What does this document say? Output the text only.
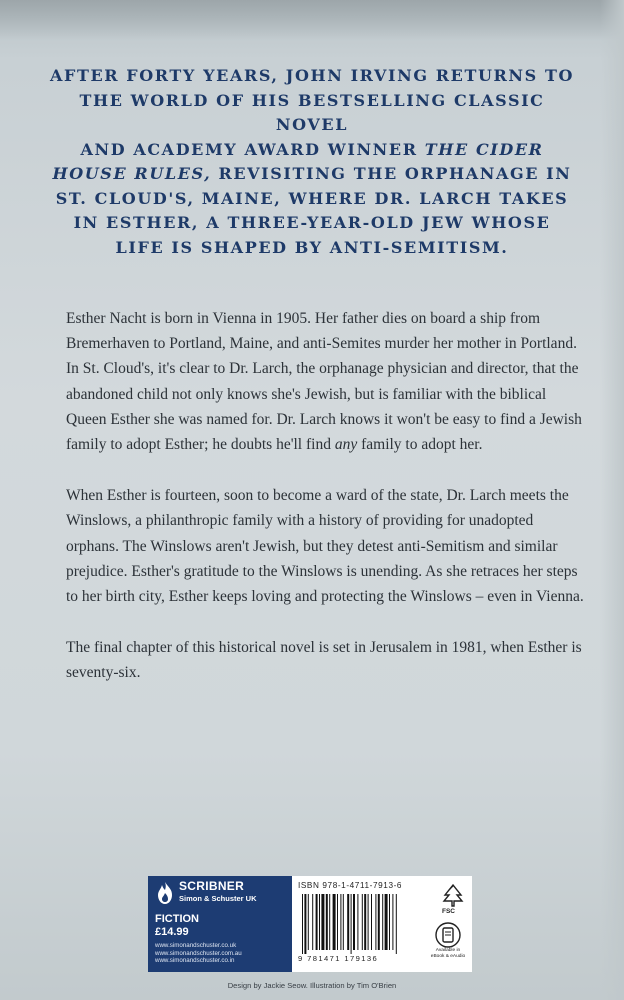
AFTER FORTY YEARS, JOHN IRVING RETURNS TO
THE WORLD OF HIS BESTSELLING CLASSIC NOVEL
AND ACADEMY AWARD WINNER THE CIDER
HOUSE RULES, REVISITING THE ORPHANAGE IN
ST. CLOUD'S, MAINE, WHERE DR. LARCH TAKES
IN ESTHER, A THREE-YEAR-OLD JEW WHOSE
LIFE IS SHAPED BY ANTI-SEMITISM.

Esther Nacht is born in Vienna in 1905. Her father dies on board a ship from Bremerhaven to Portland, Maine, and anti-Semites murder her mother in Portland. In St. Cloud's, it's clear to Dr. Larch, the orphanage physician and director, that the abandoned child not only knows she's Jewish, but is familiar with the biblical Queen Esther she was named for. Dr. Larch knows it won't be easy to find a Jewish family to adopt Esther; he doubts he'll find any family to adopt her.

When Esther is fourteen, soon to become a ward of the state, Dr. Larch meets the Winslows, a philanthropic family with a history of providing for unadopted orphans. The Winslows aren't Jewish, but they detest anti-Semitism and similar prejudice. Esther's gratitude to the Winslows is unending. As she retraces her steps to her birth city, Esther keeps loving and protecting the Winslows – even in Vienna.

The final chapter of this historical novel is set in Jerusalem in 1981, when Esther is seventy-six.

SCRIBNER
Simon & Schuster UK
FICTION
£14.99
www.simonandschuster.co.uk
www.simonandschuster.com.au
www.simonandschuster.co.in
ISBN 978-1-4711-7913-6
9 781471 179136
FSC
Available in
eBook & eAudio
Design by Jackie Seow. Illustration by Tim O'Brien
